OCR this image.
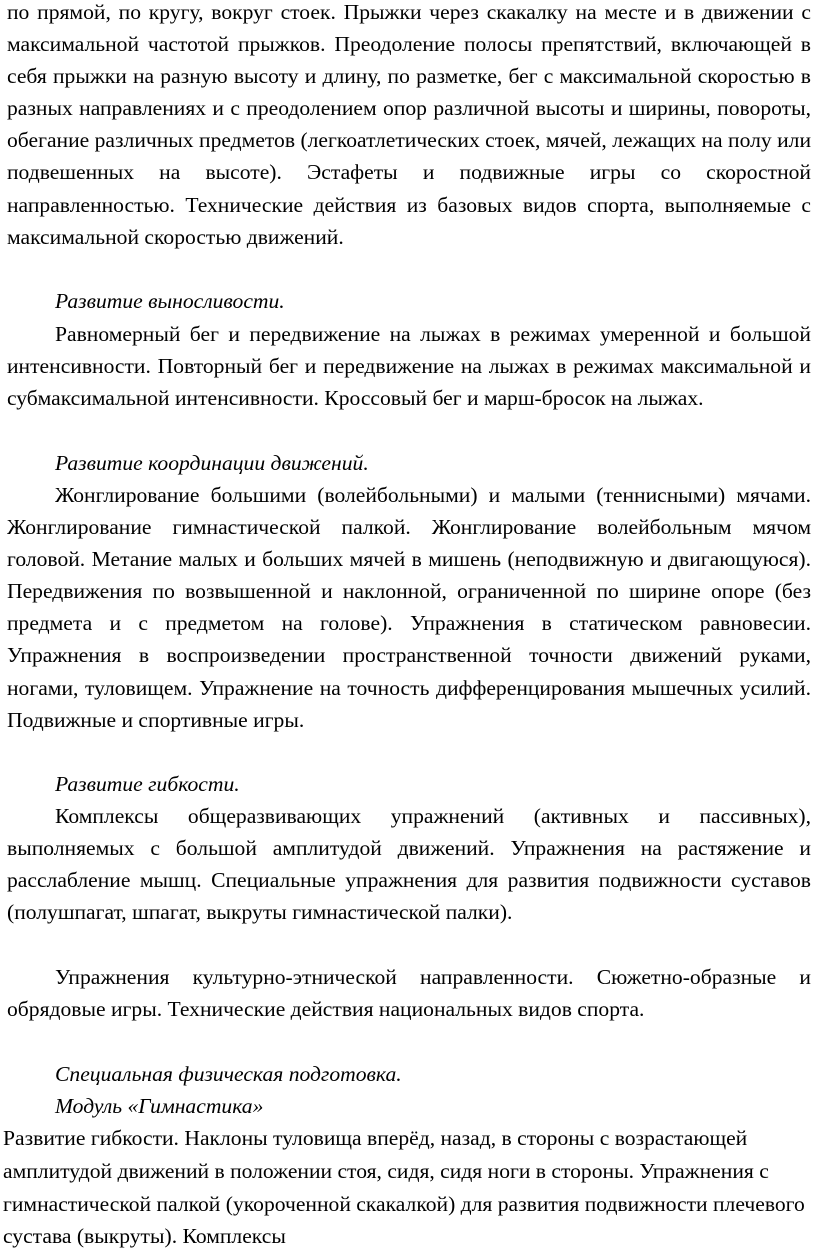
по прямой, по кругу, вокруг стоек. Прыжки через скакалку на месте и в движении с максимальной частотой прыжков. Преодоление полосы препятствий, включающей в себя прыжки на разную высоту и длину, по разметке, бег с максимальной скоростью в разных направлениях и с преодолением опор различной высоты и ширины, повороты, обегание различных предметов (легкоатлетических стоек, мячей, лежащих на полу или подвешенных на высоте). Эстафеты и подвижные игры со скоростной направленностью. Технические действия из базовых видов спорта, выполняемые с максимальной скоростью движений.

Развитие выносливости.

Равномерный бег и передвижение на лыжах в режимах умеренной и большой интенсивности. Повторный бег и передвижение на лыжах в режимах максимальной и субмаксимальной интенсивности. Кроссовый бег и марш-бросок на лыжах.

Развитие координации движений.

Жонглирование большими (волейбольными) и малыми (теннисными) мячами. Жонглирование гимнастической палкой. Жонглирование волейбольным мячом головой. Метание малых и больших мячей в мишень (неподвижную и двигающуюся). Передвижения по возвышенной и наклонной, ограниченной по ширине опоре (без предмета и с предметом на голове). Упражнения в статическом равновесии. Упражнения в воспроизведении пространственной точности движений руками, ногами, туловищем. Упражнение на точность дифференцирования мышечных усилий. Подвижные и спортивные игры.

Развитие гибкости.

Комплексы общеразвивающих упражнений (активных и пассивных), выполняемых с большой амплитудой движений. Упражнения на растяжение и расслабление мышц. Специальные упражнения для развития подвижности суставов (полушпагат, шпагат, выкруты гимнастической палки).

Упражнения культурно-этнической направленности. Сюжетно-образные и обрядовые игры. Технические действия национальных видов спорта.

Специальная физическая подготовка.

Модуль «Гимнастика»

Развитие гибкости. Наклоны туловища вперёд, назад, в стороны с возрастающей амплитудой движений в положении стоя, сидя, сидя ноги в стороны. Упражнения с гимнастической палкой (укороченной скакалкой) для развития подвижности плечевого сустава (выкруты). Комплексы
